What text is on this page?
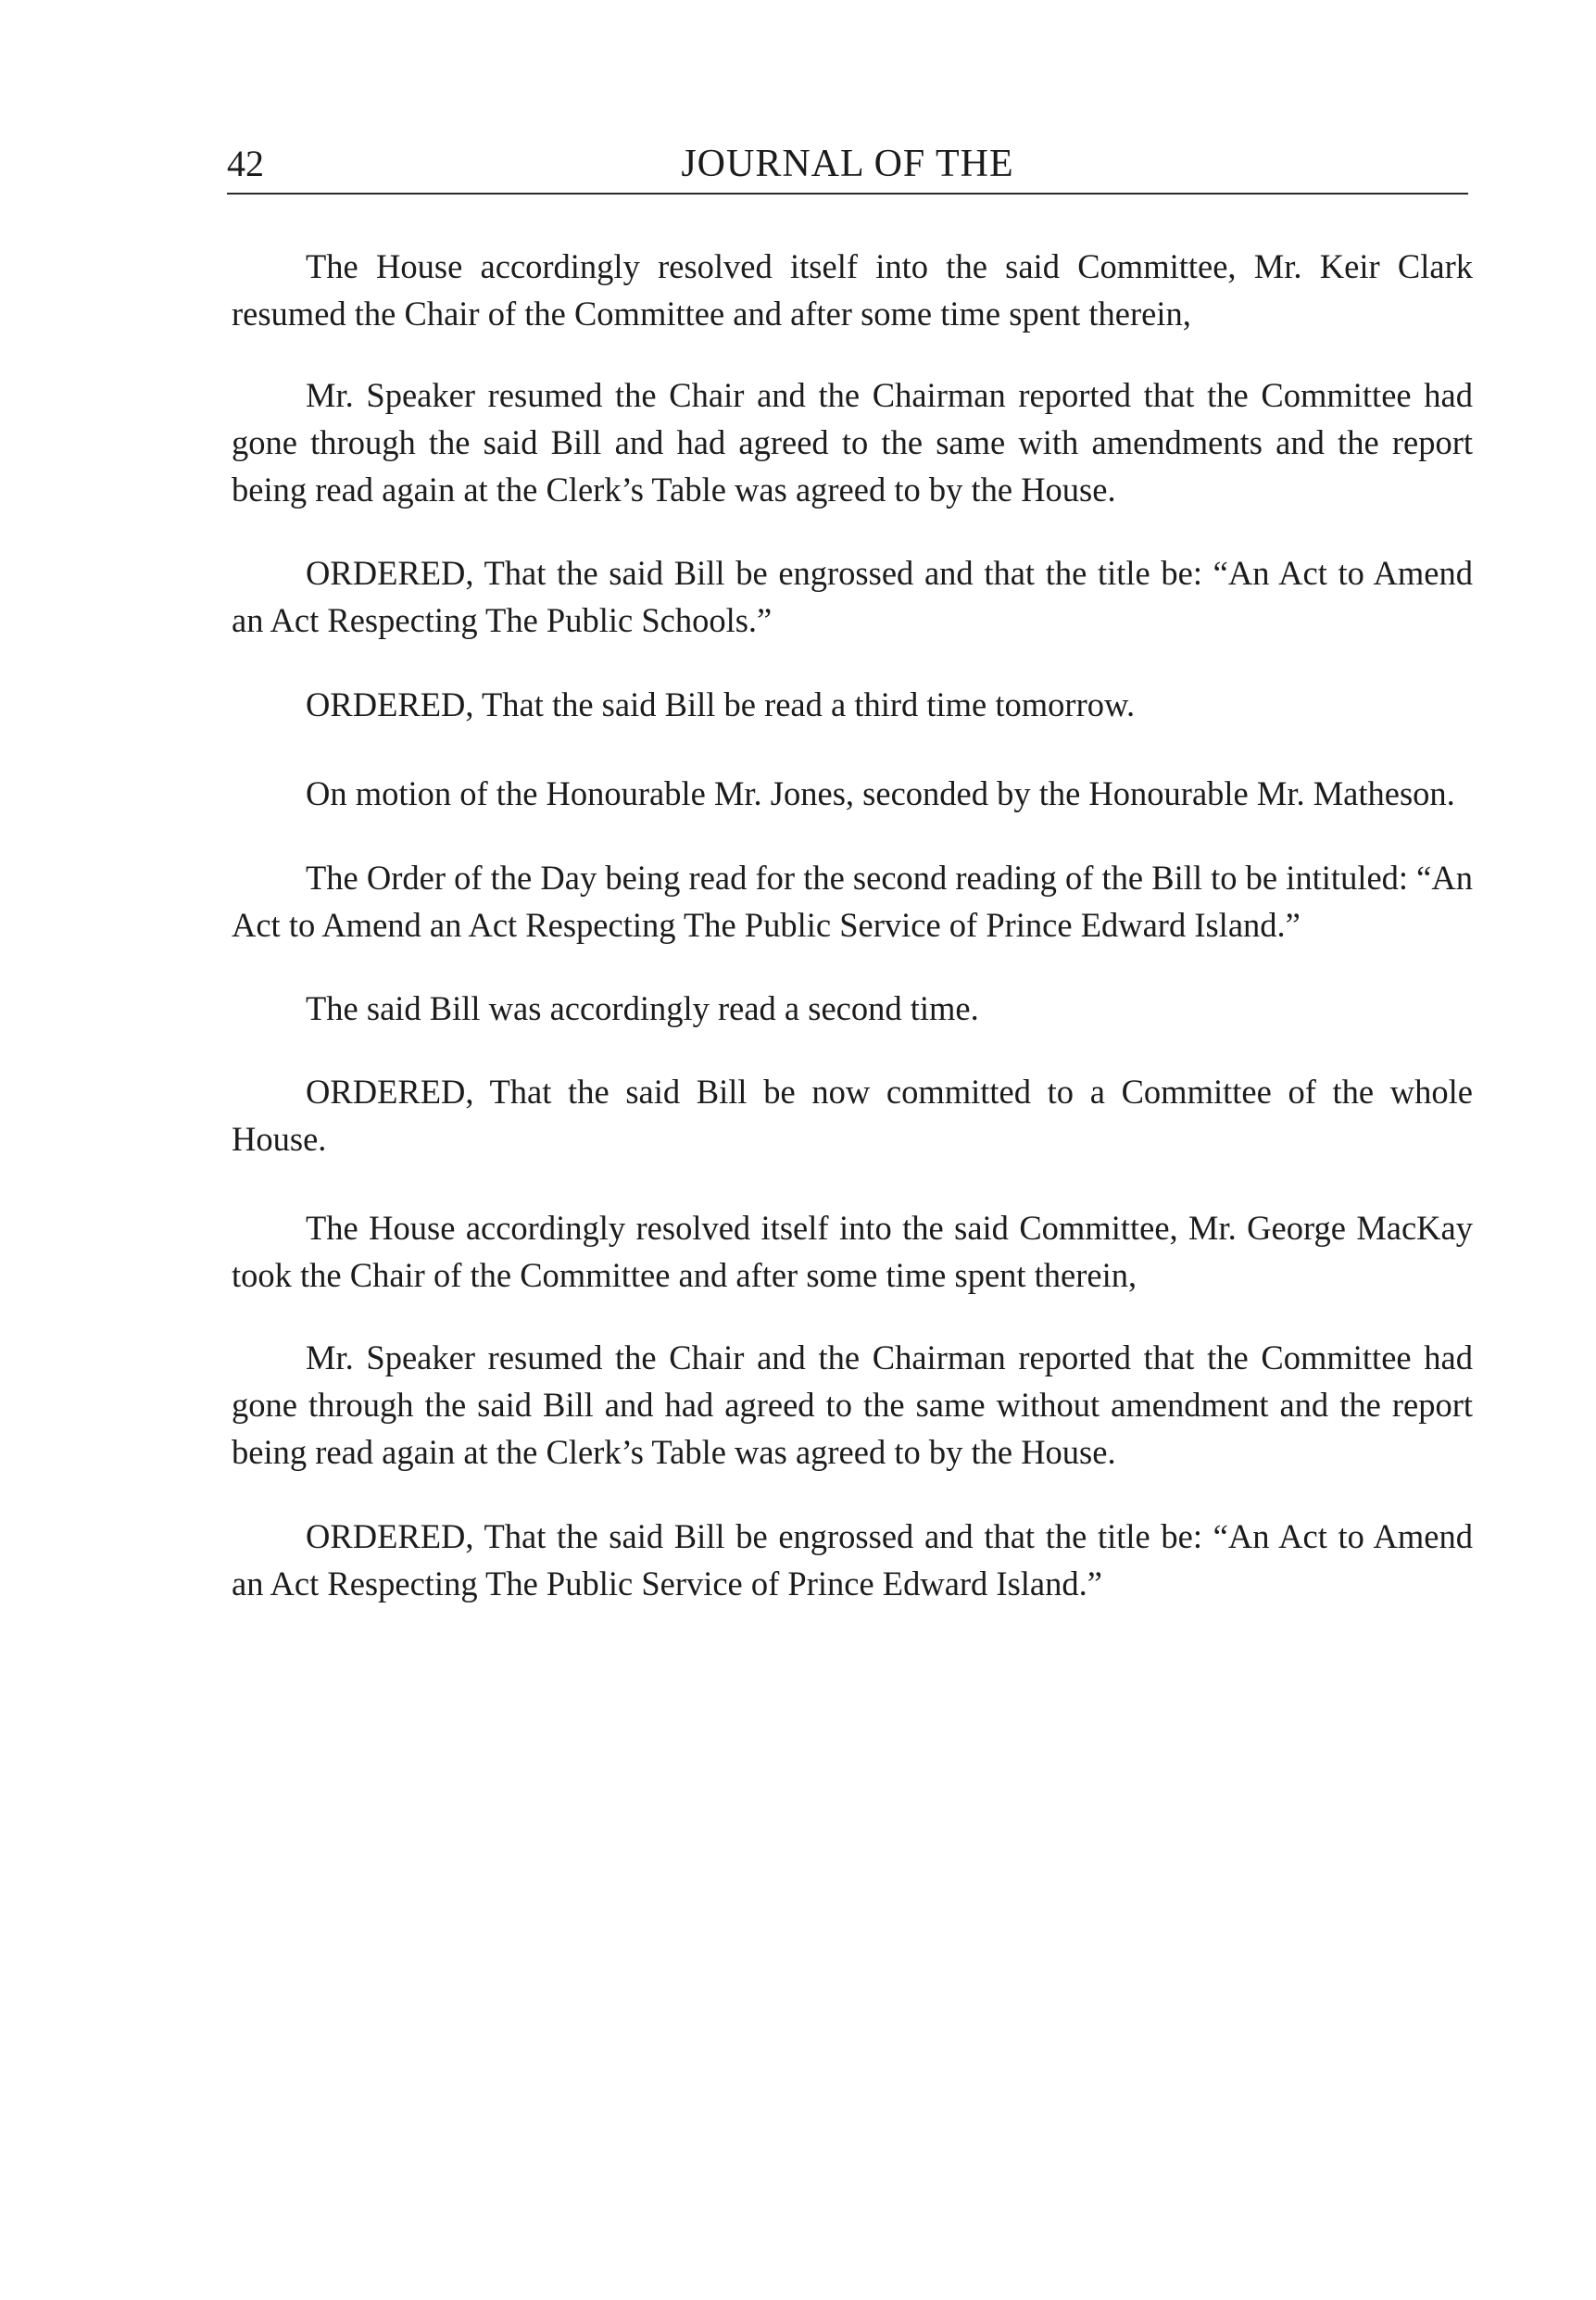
42	JOURNAL OF THE

The House accordingly resolved itself into the said Committee, Mr. Keir Clark resumed the Chair of the Committee and after some time spent therein,

Mr. Speaker resumed the Chair and the Chairman reported that the Committee had gone through the said Bill and had agreed to the same with amendments and the report being read again at the Clerk’s Table was agreed to by the House.

ORDERED, That the said Bill be engrossed and that the title be: “An Act to Amend an Act Respecting The Public Schools.”

ORDERED, That the said Bill be read a third time tomorrow.

On motion of the Honourable Mr. Jones, seconded by the Honourable Mr. Matheson.

The Order of the Day being read for the second reading of the Bill to be intituled: “An Act to Amend an Act Respecting The Public Service of Prince Edward Island.”

The said Bill was accordingly read a second time.

ORDERED, That the said Bill be now committed to a Committee of the whole House.

The House accordingly resolved itself into the said Committee, Mr. George MacKay took the Chair of the Committee and after some time spent therein,

Mr. Speaker resumed the Chair and the Chairman reported that the Committee had gone through the said Bill and had agreed to the same without amendment and the report being read again at the Clerk’s Table was agreed to by the House.

ORDERED, That the said Bill be engrossed and that the title be: “An Act to Amend an Act Respecting The Public Service of Prince Edward Island.”
